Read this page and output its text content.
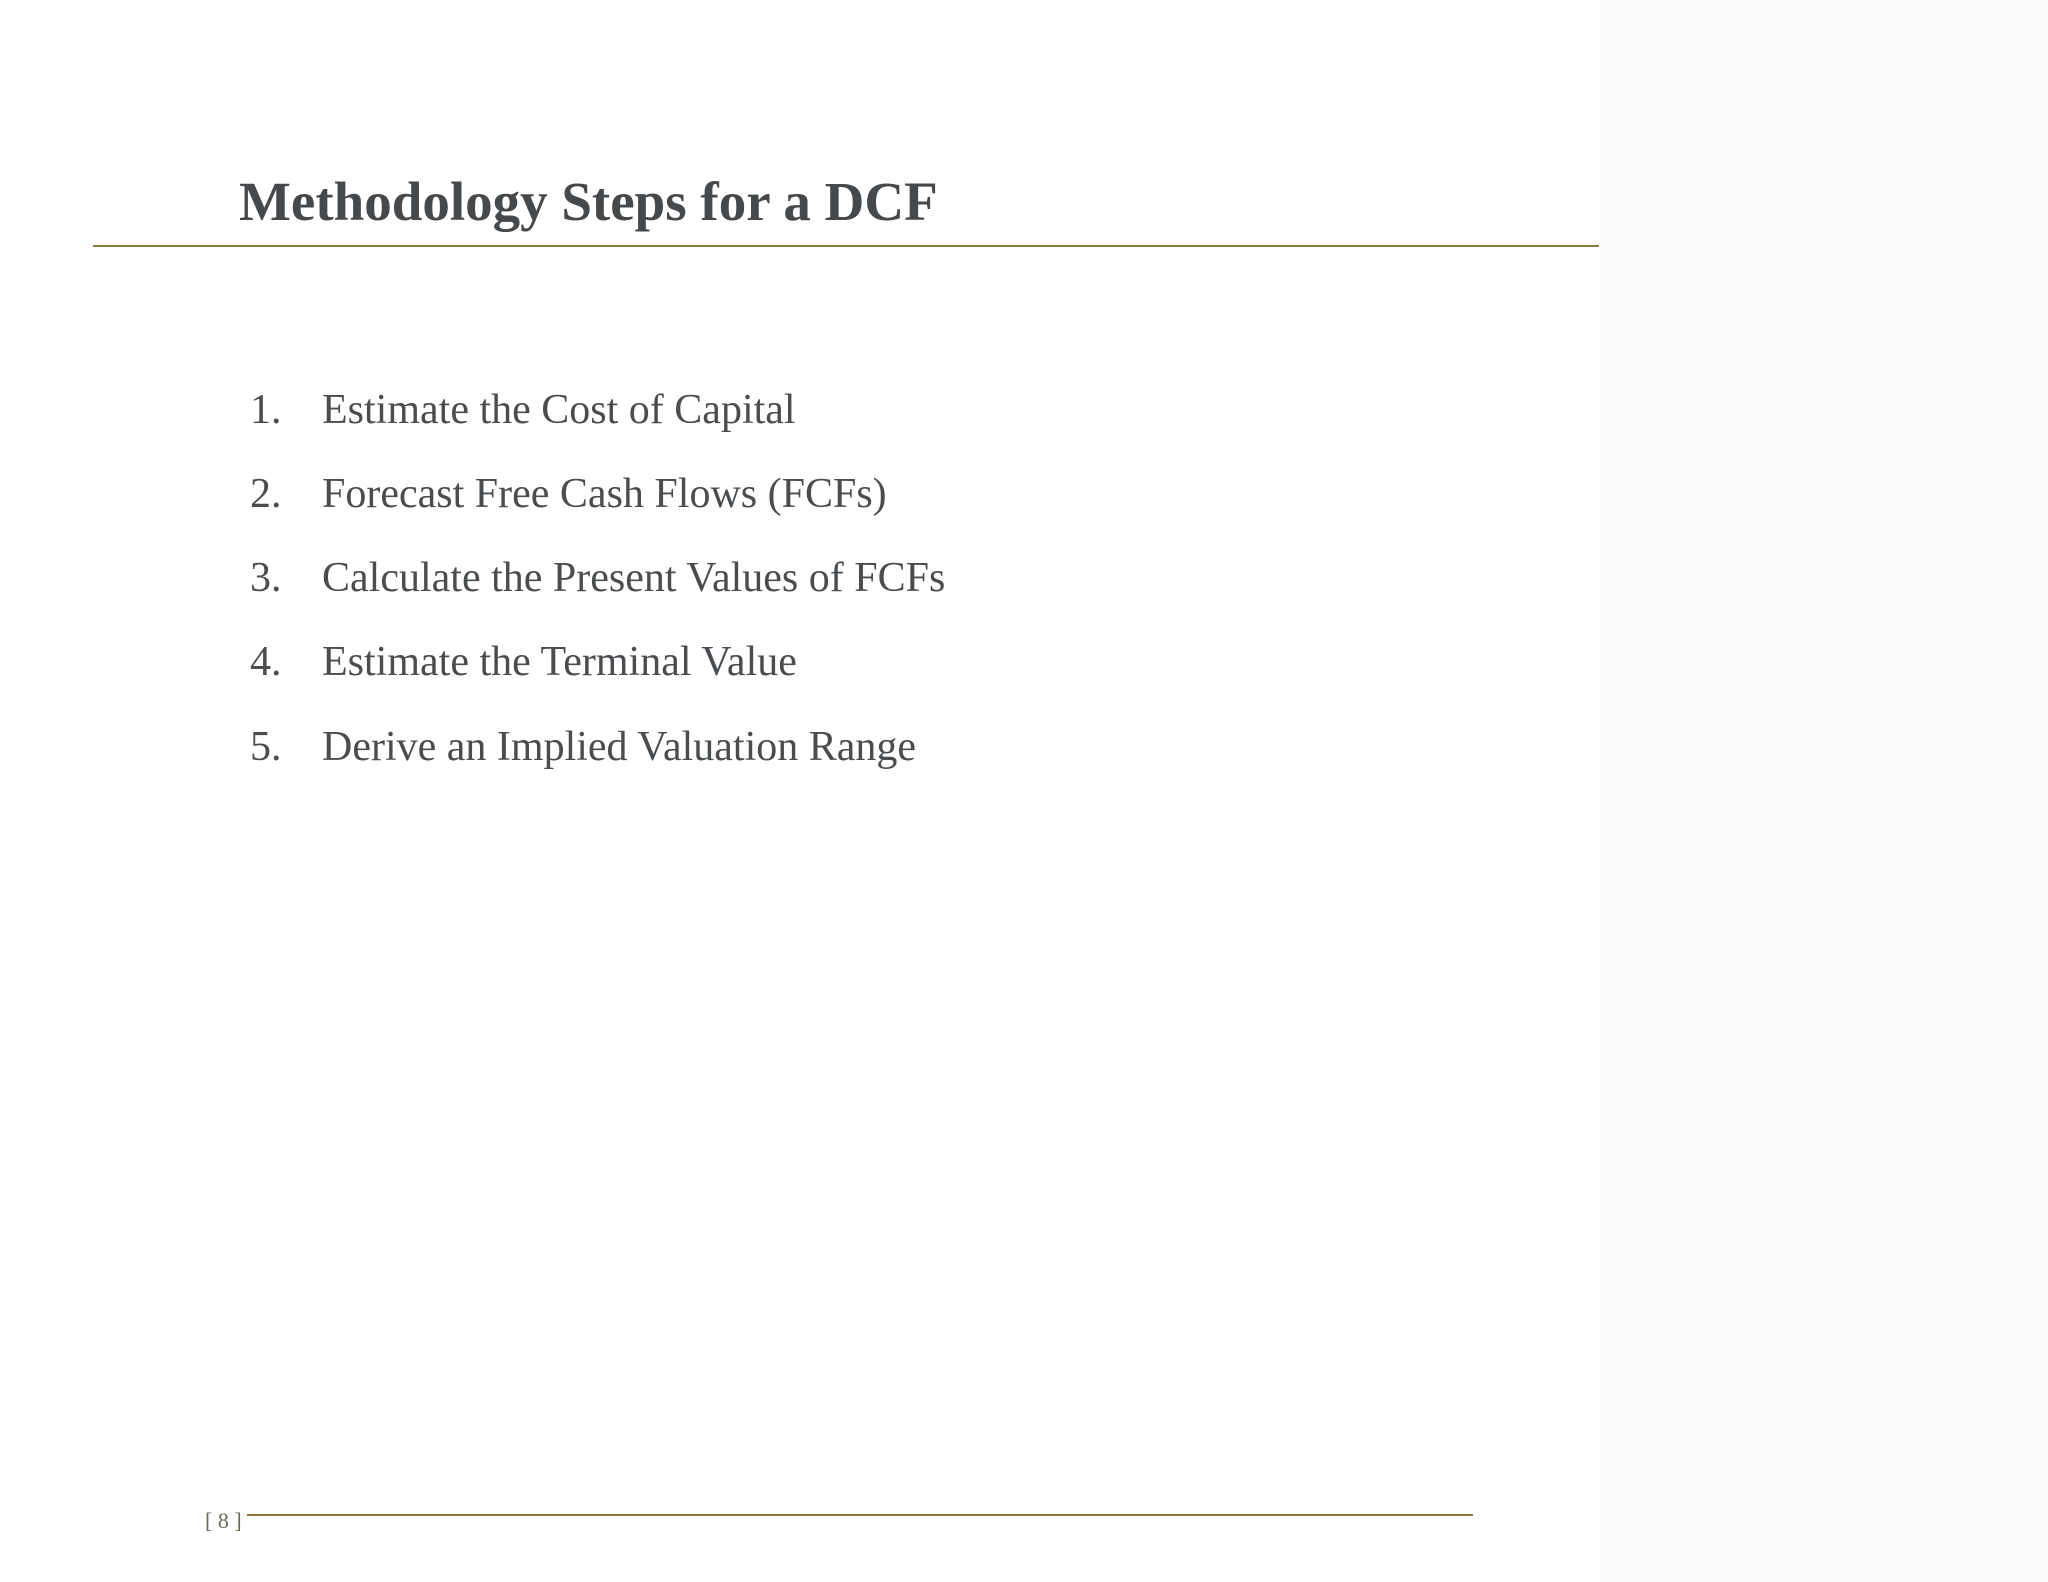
Methodology Steps for a DCF
1. Estimate the Cost of Capital
2. Forecast Free Cash Flows (FCFs)
3. Calculate the Present Values of FCFs
4. Estimate the Terminal Value
5. Derive an Implied Valuation Range
[ 8 ]
